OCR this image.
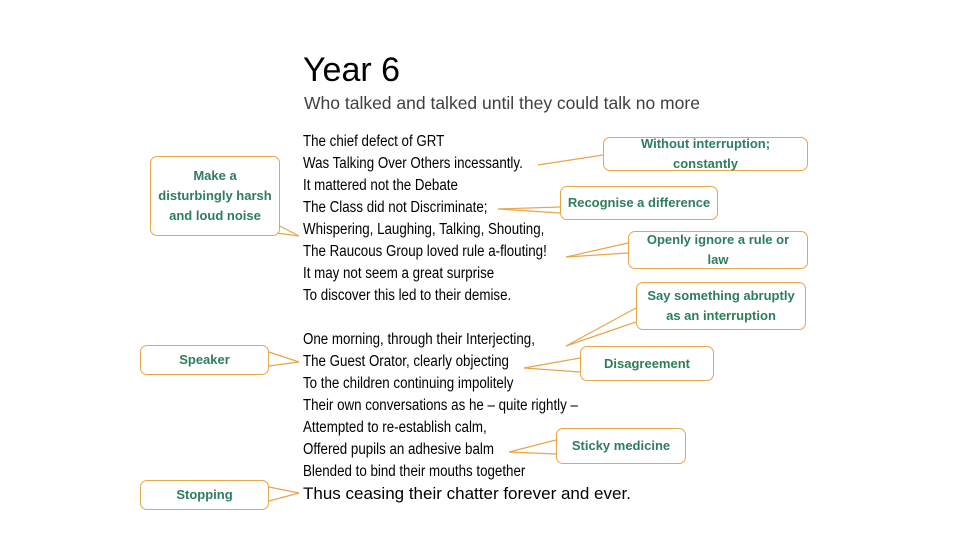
Year 6
Who talked and talked until they could talk no more
The chief defect of GRT
Was Talking Over Others incessantly.
It mattered not the Debate
The Class did not Discriminate;
Whispering, Laughing, Talking, Shouting,
The Raucous Group loved rule a-flouting!
It may not seem a great surprise
To discover this led to their demise.
One morning, through their Interjecting,
The Guest Orator, clearly objecting
To the children continuing impolitely
Their own conversations as he – quite rightly –
Attempted to re-establish calm,
Offered pupils an adhesive balm
Blended to bind their mouths together
Thus ceasing their chatter forever and ever.
Make a disturbingly harsh and loud noise
Without interruption; constantly
Recognise a difference
Openly ignore a rule or law
Say something abruptly as an interruption
Speaker	Disagreement
Sticky medicine
Stopping
